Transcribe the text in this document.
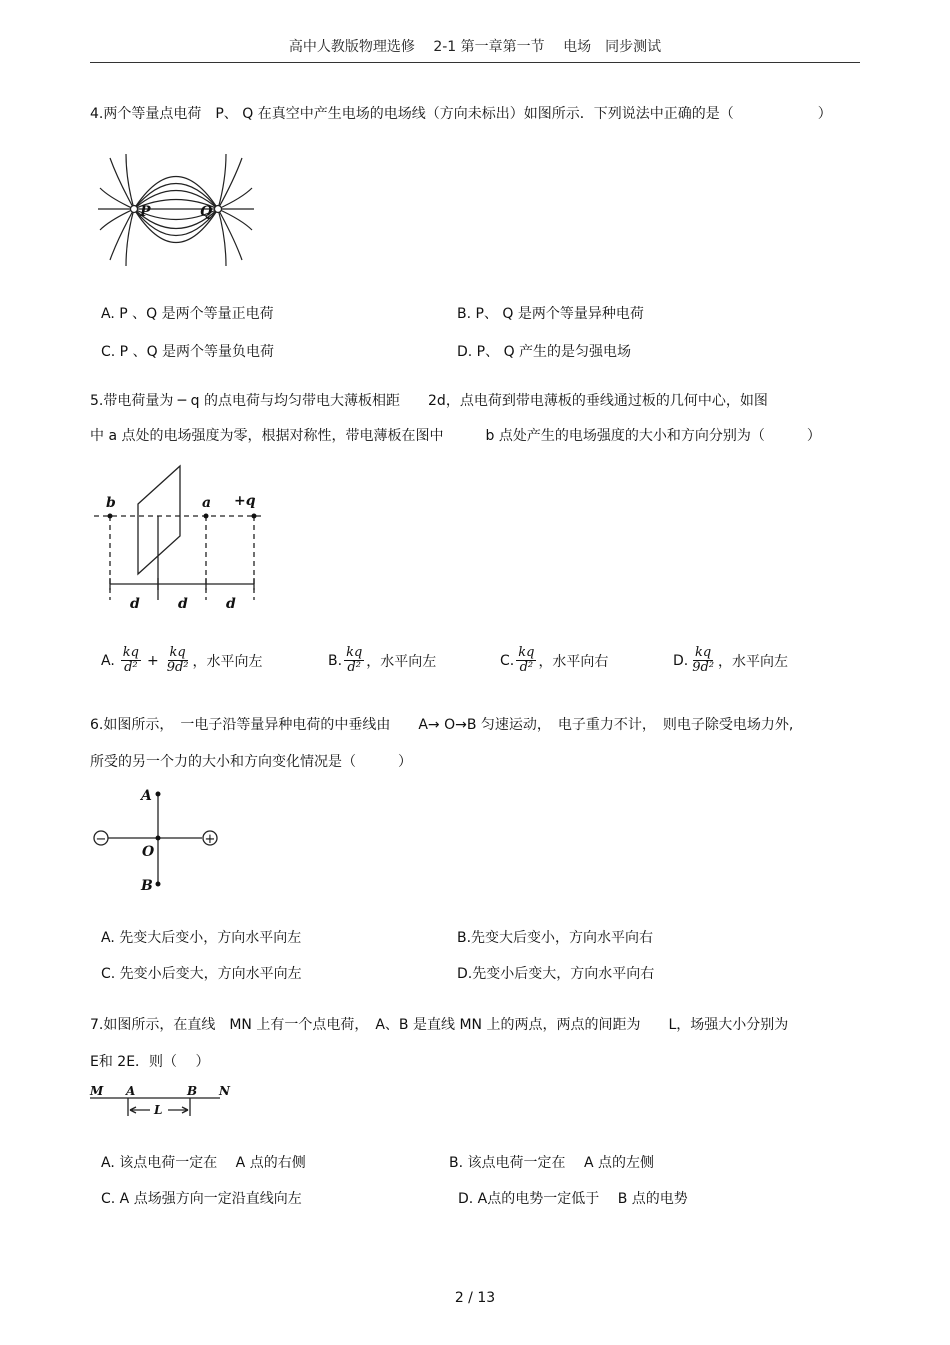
高中人教版物理选修　 2-1 第一章第一节　 电场　同步测试
4.两个等量点电荷　P、 Q 在真空中产生电场的电场线（方向未标出）如图所示．下列说法中正确的是（　　　　　　）
P	Q
A. P 、Q 是两个等量正电荷	B. P、 Q 是两个等量异种电荷
C. P 、Q 是两个等量负电荷	D. P、 Q 产生的是匀强电场
5.带电荷量为 ─ q 的点电荷与均匀带电大薄板相距　　2d，点电荷到带电薄板的垂线通过板的几何中心，如图
中 a 点处的电场强度为零，根据对称性，带电薄板在图中　　　b 点处产生的电场强度的大小和方向分别为（　　　）
b	a +q
d	d	d
A. $\frac{kq}{\text{d²}} + \frac{kq}{\text{9d²}}$ ，水平向左	B. $\frac{kq}{\text{d²}}$ ，水平向左	C. $\frac{kq}{\text{d²}}$ ，水平向右	D. $\frac{kq}{\text{9d²}}$ ，水平向左
6.如图所示，　一电子沿等量异种电荷的中垂线由　　A→ O→B 匀速运动，　电子重力不计，　则电子除受电场力外,
所受的另一个力的大小和方向变化情况是（　　　）
−	+
A
O
B
A. 先变大后变小，方向水平向左	B.先变大后变小，方向水平向右
C. 先变小后变大，方向水平向左	D.先变小后变大，方向水平向右
7.如图所示，在直线　MN 上有一个点电荷，　A、B 是直线 MN 上的两点，两点的间距为　　L，场强大小分别为
E和 2E．则（　 ）
M A	B N
L
A. 该点电荷一定在　 A 点的右侧	B. 该点电荷一定在　 A 点的左侧
C. A 点场强方向一定沿直线向左	D. A点的电势一定低于　 B 点的电势
2 / 13
